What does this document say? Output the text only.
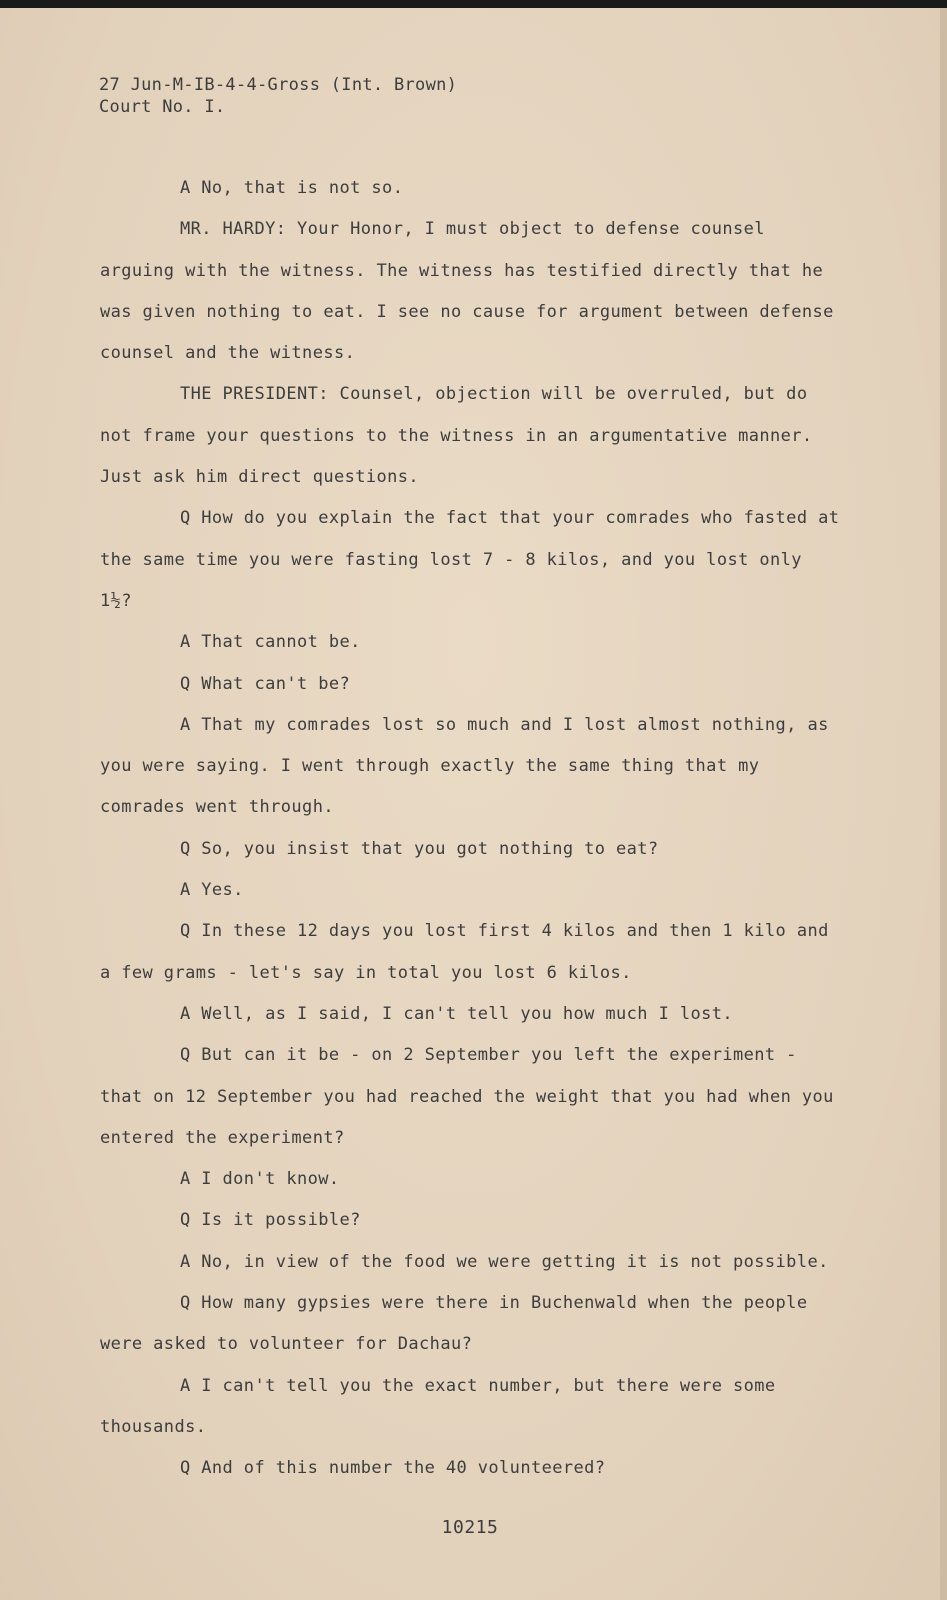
27 Jun-M-IB-4-4-Gross (Int. Brown)
Court No. I.

A No, that is not so.

MR. HARDY: Your Honor, I must object to defense counsel arguing with the witness. The witness has testified directly that he was given nothing to eat. I see no cause for argument between defense counsel and the witness.

THE PRESIDENT: Counsel, objection will be overruled, but do not frame your questions to the witness in an argumentative manner. Just ask him direct questions.

Q How do you explain the fact that your comrades who fasted at the same time you were fasting lost 7 - 8 kilos, and you lost only 1½?

A That cannot be.

Q What can't be?

A That my comrades lost so much and I lost almost nothing, as you were saying. I went through exactly the same thing that my comrades went through.

Q So, you insist that you got nothing to eat?

A Yes.

Q In these 12 days you lost first 4 kilos and then 1 kilo and a few grams - let's say in total you lost 6 kilos.

A Well, as I said, I can't tell you how much I lost.

Q But can it be - on 2 September you left the experiment - that on 12 September you had reached the weight that you had when you entered the experiment?

A I don't know.

Q Is it possible?

A No, in view of the food we were getting it is not possible.

Q How many gypsies were there in Buchenwald when the people were asked to volunteer for Dachau?

A I can't tell you the exact number, but there were some thousands.

Q And of this number the 40 volunteered?

10215
